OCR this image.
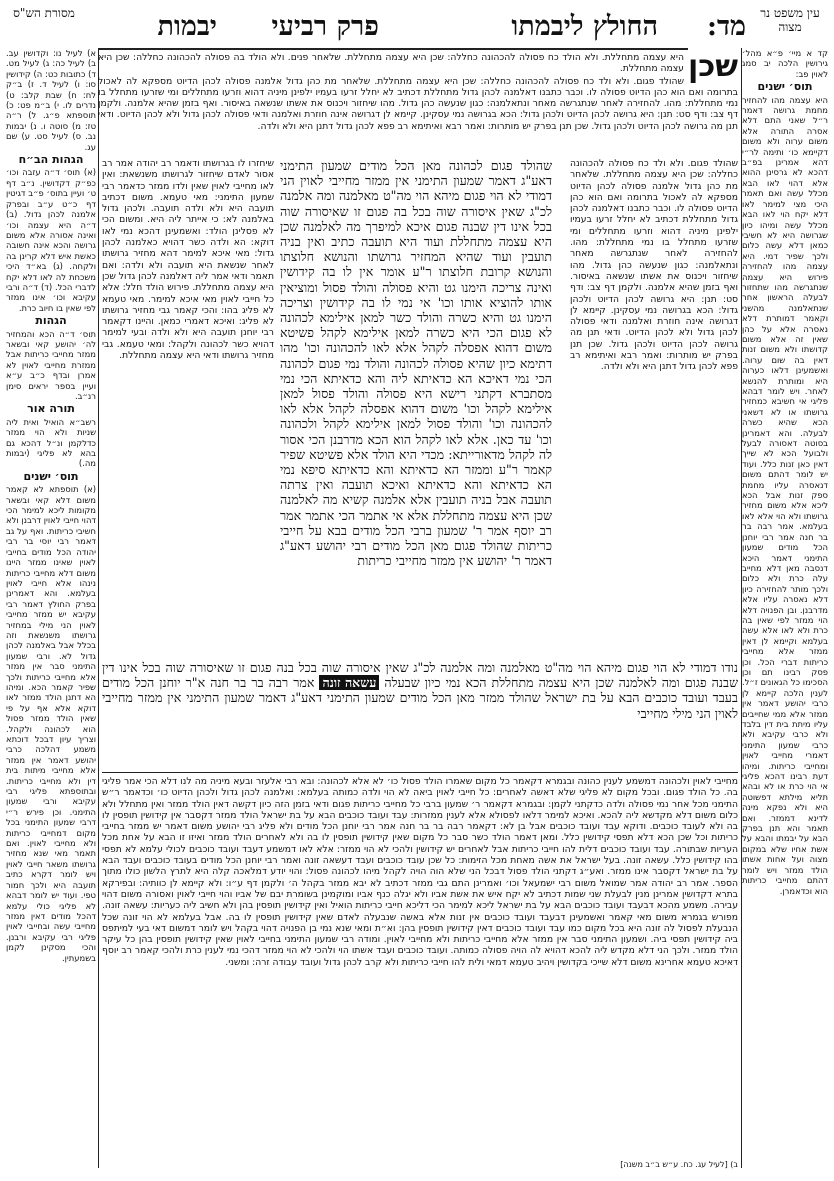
עין משפט נר מצוה
מסורת הש"ס	מד:
החולץ ליבמתו
פרק רביעי
יבמות

קד א מיי׳ פ״א מהל׳ גירושין הלכה יב סמג לאוין פב:

תוס׳ ישנים

היא עצמה מהו להחזיר מחמת גרושה דאמר ר״ל שאני התם דלא אסרה התורה אלא משום ערוה ולא משום דקיימא כו׳ ותימה לר״י דהא אמרינן בפ״ב דהכא לא גרסינן ההוא אלא דהוי לאו הבא מכלל עשה ואם תאמר היכי מצי למימר לאו דלא יקח הוי לאו הבא מכלל עשה ומיהו כיון שגרושה היא לא חשיבי כמאן דלא עשה כלום ולכך שפיר דמי. היא עצמה מהו להחזירה פירוש היא עצמה שנתגרשה מהו שתחזור לבעלה הראשון אחר שנתאלמנה מהשני וקאמר דמותרת דלא נאסרה אלא על כהן שאין זה אלא משום קדושתו ולא משום זנות דאין בה שום ערוה. ואשמעינן דלאו כערוה היא ומותרת להנשא לאחר. ויש לומר דבהא פליגי אי חשיבא כמחזיר גרושתו או לא דשאני הכא שהיא כשרה לבעלה. והא דאמרינן בסוטה דאסורה לבעל ולבועל הכא לא שייך דאין כאן זנות כלל. ועוד יש לומר דהתם משום דנאסרה עליו מחמת ספק זנות אבל הכא ליכא אלא משום מחזיר גרושתו ולא הוי אלא לאו בעלמא. אמר רבה בר בר חנה אמר רבי יוחנן הכל מודים שמעון התימני דאמר היכא דנסבה מאן דלא מחייב עלה כרת ולא כלום ולכך מותר להחזירה כיון דלא נאסרה עליו אלא מדרבנן. ובן הפנויה דלא הוי ממזר לפי שאין בה כרת ולא לאו אלא עשה בעלמא וקיימא לן דאין ממזר אלא מחייבי כריתות דברי הכל. וכן פסק רבינו תם וכן הסכימו כל הגאונים ז״ל. לענין הלכה קיימא לן כרבי יהושע דאמר אין ממזר אלא ממי שחייבים עליו מיתת בית דין בלבד ולא כרבי עקיבא ולא כרבי שמעון התימני דאמרי מחייבי לאוין ומחייבי כריתות. ומיהו דעת רבינו דהכא פליגי אי הוי כרת או לא ובהא תליא מילתא דפשוטה היא ולא נפקא מינה לדינא דממזר. ואם תאמר והא תנן בפרק הבא על יבמתו והבא על אשת אחיו שלא במקום מצוה ועל אחות אשתו הולד ממזר ויש לומר דהתם מחייבי כריתות הוא וכדאמרן.

א) לעיל נו: וקדושין עב. ב) לעיל כה: ג) לעיל מט. ד) כתובות כט: ה) קידושין סו: ו) לעיל ד. ז) ב״ק לח: ח) שבת קלב: ט) נדרים לו. י) ב״מ פט: כ) תוספתא פ״ג. ל) ר״ה טז: מ) סוטה ו. נ) יבמות נב. ס) לעיל סט. ע) שם עג.

הגהות הב״ח

(א) תוס׳ ד״ה עזבה וכו׳ כפ״ק דקדושין. נ״ב דף ט׳ ועיין בתוס׳ פ״ב דגיטין דף כ״ט ע״ב ובפרק אלמנה לכהן גדול. (ב) ד״ה היא עצמה וכו׳ ואינה אסורה אלא משום גרושה והכא אינה חשובה כאשת איש דלא קרינן בה ולקחה. (ג) בא״ד היכי משכחת לה לאו דלא יקח לדברי הכל. (ד) ד״ה ורבי עקיבא וכו׳ אינו ממזר לפי שאין בו חיוב כרת.

הגהות

תוס׳ ד״ה הכא והמחזיר לה׳ יהושע קאי ובשאר ממזר מחייבי כריתות אבל ממזרת מחייבי לאוין לא אמרן ובדף כ״ב ע״א ועיין בספר יראים סימן רנ״ב.

תורה אור

רשב״א הואיל ואית ליה שניות ולא הוי ממזר כדלקמן ונ״ל דהכא גם בהא לא פליגי (יבמות מה.)

תוס׳ ישנים

(א) תוספתא לא קאמר משום דלא קאי ובשאר מקומות ליכא למימר הכי דהוי חייבי לאוין דרבנן ולא חשיבי כריתות. ואף על גב דאמר רבי יוסי בר רבי יהודה הכל מודים בחייבי לאוין שאינו ממזר היינו משום דלא מחייבי כריתות נינהו אלא חייבי לאוין בעלמא. והא דאמרינן בפרק החולץ דאמר רבי עקיבא יש ממזר מחייבי לאוין הני מילי במחזיר גרושתו משנשאת וזה בכלל אבל באלמנה לכהן גדול לא. ורבי שמעון התימני סבר אין ממזר אלא מחייבי כריתות ולכך שפיר קאמר הכא. ומיהו הא דתנן הולד ממזר לאו דוקא אלא אף על פי שאין הולד ממזר פסול הוא לכהונה ולקהל. וצריך עיון דבכל דוכתא משמע דהלכה כרבי יהושע דאמר אין ממזר אלא מחייבי מיתות בית דין ולא מחייבי כריתות. ובתוספתא פליגי רבי עקיבא ורבי שמעון התימני. וכן פירש ר״י דרבי שמעון התימני בכל מקום דמחייבי כריתות ולא מחייבי לאוין. ואם תאמר מאי שנא מחזיר גרושתו משאר חייבי לאוין ויש לומר דקרא כתיב תועבה היא ולכך חמור טפי. ועוד יש לומר דבהא לא פליגי כולי עלמא דהכל מודים דאין ממזר מחייבי עשה ובחייבי לאוין פליגי רבי עקיבא ורבנן. והכי מסקינן לקמן בשמעתין.

שכן

היא עצמה מתחללת. ולא הולד כח פסולה להכהונה כחללה: שכן היא עצמה מתחללת. שלאחר פנים. ולא הולד בה פסולה להכהונה כחללה: שכן היא עצמה מתחללת.

שהולד פגום. ולא ולד כח פסולה להכהונה כחללה: שכן היא עצמה מתחללת. שלאחר מת כהן גדול אלמנה פסולה לכהן הדיוט מספקא לה לאכול בתרומה ואם הוא כהן הדיוט פסולה לו. וכבר כתבנו דאלמנה לכהן גדול מתחללת דכתיב לא יחלל זרעו בעמיו ילפינן מיניה דהוא וזרעו מתחללים ומי שזרעו מתחלל בו נמי מתחללת: מהו. להחזירה לאחר שנתגרשה מאחר ונתאלמנה: כגון שנעשה כהן גדול. מהו שיחזור ויכנוס את אשתו שנשאה באיסור. ואף בזמן שהיא אלמנה. ולקמן דף צב: ודף סט: תנן: היא גרושה לכהן הדיוט ולכהן גדול: הכא בגרושה נמי עסקינן. קיימא לן דגרושה אינה חוזרת ואלמנה ודאי פסולה לכהן גדול ולא לכהן הדיוט. ודאי תנן מה גרושה לכהן הדיוט ולכהן גדול. שכן תנן בפרק יש מותרות: ואמר רבא ואיתימא רב פפא לכהן גדול דתנן היא ולא ולדה.

שהולד פגום. ולא ולד כח פסולה להכהונה כחללה: שכן היא עצמה מתחללת. שלאחר מת כהן גדול אלמנה פסולה לכהן הדיוט מספקא לה לאכול בתרומה ואם הוא כהן הדיוט פסולה לו. וכבר כתבנו דאלמנה לכהן גדול מתחללת דכתיב לא יחלל זרעו בעמיו ילפינן מיניה דהוא וזרעו מתחללים ומי שזרעו מתחלל בו נמי מתחללת: מהו. להחזירה לאחר שנתגרשה מאחר ונתאלמנה: כגון שנעשה כהן גדול. מהו שיחזור ויכנוס את אשתו שנשאה באיסור. ואף בזמן שהיא אלמנה. ולקמן דף צב: ודף סט: תנן: היא גרושה לכהן הדיוט ולכהן גדול: הכא בגרושה נמי עסקינן. קיימא לן דגרושה אינה חוזרת ואלמנה ודאי פסולה לכהן גדול ולא לכהן הדיוט. ודאי תנן מה גרושה לכהן הדיוט ולכהן גדול. שכן תנן בפרק יש מותרות: ואמר רבא ואיתימא רב פפא לכהן גדול דתנן היא ולא ולדה.

שיחזרו לו בגרושתו ודאמר רב יהודה אמר רב אסור לאדם שיחזור לגרושתו משנשאת: ואין לאו מחייבי לאוין שאין ולדו ממזר כדאמר רבי שמעון התימני: מאי טעמא. משום דכתיב תועבה היא ולא ולדה תועבה. ולכהן גדול באלמנה לא: כי אייתר ליה היא. ומשום הכי לא פסלינן הולד: ואשמעינן דהכא נמי לאו דוקא: הא ולדה כשר דהויא כאלמנה לכהן גדול: מאי איכא למימר דהא מחזיר גרושתו לאחר שנשאת היא תועבה ולא ולדה: ואם תאמר ודאי אמר ליה דאלמנה לכהן גדול שכן היא עצמה מתחללת. פירוש הולד חלל: אלא כל חייבי לאוין מאי איכא למימר. מאי טעמא לא פליג בהו: והכי קאמר גבי מחזיר גרושתו לא פליג: ואיכא דאמרי כמאן. והיינו דקאמר רבי יוחנן תועבה היא ולא ולדה ובעי למימר דהויא כשר לכהונה ולקהל: ומאי טעמא. גבי מחזיר גרושתו ודאי היא עצמה מתחללת.

שהולד פגום לכהונה מאן הכל מודים שמעון התימני דאע"ג דאמר שמעון התימני אין ממזר מחייבי לאוין הני דמודי לא הוי פגום מיהא הוי מה"ט מאלמנה ומה אלמנה לכ"ג שאין איסורה שוה בכל בה פגום זו שאיסורה שוה בכל אינו דין שבנה פגום איכא למיפרך מה לאלמנה שכן היא עצמה מתחללת ועוד היא תועבה כתיב ואין בניה תועבין ועוד שהיא המחזיר גרושתו והנושא חלוצתו והנושא קרובת חלוצתו ר"ע אומר אין לו בה קידושין ואינה צריכה הימנו גט והיא פסולה והולד פסול ומוציאין אותו להוציא אותו וכו' אי נמי לו בה קידושין וצריכה הימנו גט והיא כשרה והולד כשר למאן אילימא לכהונה לא פגום הכי היא כשרה למאן אילימא לקהל פשיטא משום דהוא אפסלה לקהל אלא לאו להכהונה וכו' מהו דתימא כיון שהיא פסולה לכהונה והולד נמי פגום לכהונה הכי נמי דאיכא הא כדאיתא ליה והא כדאיתא הכי נמי מסתברא דקתני רישא היא פסולה והולד פסול למאן אילימא לקהל וכו' משום דהוא אפסלה לקהל אלא לאו להכהונה וכו' והולד פסול למאן אילימא לקהל ולכהונה וכו' עד כאן. אלא לאו לקהל הוא הכא מדרבנן הכי אסור לה לקהל מדאורייתא: מכדי היא הולד אלא פשיטא שפיר קאמר ר"ע וממזר הא כדאיתא והא כדאיתא סיפא נמי הא כדאיתא והא כדאיתא ואיכא תועבה ואין צרתה תועבה אבל בניה תועבין אלא אלמנה קשיא מה לאלמנה שכן היא עצמה מתחללת אלא אי אתמר הכי אתמר אמר רב יוסף אמר ר' שמעון ברבי הכל מודים בבא על חייבי כריתות שהולד פגום מאן הכל מודים רבי יהושע דאע"ג דאמר ר' יהושע אין ממזר מחייבי כריתות

נודו דמודי לא הוי פגום מיהא הוי מה"ט מאלמנה ומה אלמנה לכ"ג שאין איסורה שוה בכל בנה פגום זו שאיסורה שוה בכל אינו דין שבנה פגום ומה לאלמנה שכן היא עצמה מתחללת הכא נמי כיון שבעלה עשאה זונה אמר רבה בר בר חנה א"ר יוחנן הכל מודים בעבד ועובד כוכבים הבא על בת ישראל שהולד ממזר מאן הכל מודים שמעון התימני דאע"ג דאמר שמעון התימני אין ממזר מחייבי לאוין הני מילי מחייבי

מחייבי לאוין ולכהונה דמשמע לענין כהונה ובגמרא דקאמר כל מקום שאמרו הולד פסול כו׳ לא אלא לכהונה: ובא רבי אלעזר ובעא מיניה מה לנו דלא הכי אמר פליגי בה. כל הולד פגום. ובכל מקום לא פליגי שלא דאשה לאחרים: כל חייבי לאוין ביאה לא הוי ולדה כמותה בעלמא: ואלמנה לכהן גדול ולכהן הדיוט כו׳ וכדאמר ר״ש התימני מכל אחר נמי פסולה ולדה כדקתני לקמן: ובגמרא דקאמר ר׳ שמעון ברבי כל מחייבי כריתות פגום ודאי בזמן הזה כיון דקשה דאין הולד ממזר ואין מתחלל ולא כלום משום דלא מקדשא ליה להכא. ואיכא למימר דלאו לפסולא אלא לענין ממזרות: עבד ועובד כוכבים הבא על בת ישראל הולד ממזר דקסבר אין קידושין תופסין לו בה ולא לעובד כוכבים. ודוקא עבד ועובד כוכבים אבל בן לא: דקאמר רבה בר בר חנה אמר רבי יוחנן הכל מודים ולא פליג רבי יהושע משום דאמר יש ממזר בחייבי כריתות וכל שכן הכא דלא תפסי קידושין כלל. ומאן דאמר הולד כשר סבר כל מקום שאין קידושין תופסין לו בה ולא לאחרים הולד ממזר ואיזו זו הבא על אחת מכל העריות שבתורה. עבד ועובד כוכבים דלית להו חייבי כריתות אבל לאחרים יש קידושין ולהכי לא הוי ממזר: אלא לאו דמשמע דעבד ועובד כוכבים לכולי עלמא לא תפסי בהו קידושין כלל. עשאה זונה. בעל ישראל את אשה מאחת מכל הזימות: כל שכן עובד כוכבים ועבד דעשאה זונה ואמר רבי יוחנן הכל מודים בעובד כוכבים ועבד הבא על בת ישראל דקסבר אינו ממזר. ואע״ג דקתני הולד פסול דבכל הני שלא הוה הויה לקהל מיהו לכהונה פסול: והוי יודע דמלאכה קלה היא לתרץ הלשון כולו מתוך הספר. אמר רב יהודה אמר שמואל משום רבי ישמעאל וכו׳ ואמרינן התם גבי ממזר דכתיב לא יבא ממזר בקהל ה׳ ולקמן דף ע״ו: ולא קיימא לן כוותיה: ובפירקא בתרא דקדושין אמרינן מנין לבעלת שני שמות דכתיב לא יקח איש את אשת אביו ולא יגלה כנף אביו ומוקמינן בשומרת יבם של אביו והוי חייבי לאוין ואסורה משום דהוי עבירה. משמע מהכא דבעבד ועובד כוכבים הבא על בת ישראל ליכא למימר הכי דליכא חייבי כריתות הואיל ואין קידושין תופסין בהן ולא חשיב ליה כעריות: עשאה זונה. מפורש בגמרא משום מאי קאמר ואשמעינן דבעבד ועובד כוכבים אין זנות אלא באשה שנבעלה לאדם שאין קידושין תופסין לו בה. אבל בעלמא לא הוי זונה שכל הנבעלת לפסול לה זונה היא בכל מקום כמו עבד ועובד כוכבים דאין קידושין תופסין בהן: וא״ת ומאי שנא נמי בן הפנויה דהוי בקהל ויש לומר דמשום דאי בעי למיתפס ביה קידושין תפסי ביה. ושמעון התימני סבר אין ממזר אלא מחייבי כריתות ולא מחייבי לאוין. ומודה רבי שמעון התימני בחייבי לאוין שאין קידושין תופסין בהן כל עיקר הולד ממזר. ולכך הני דלא מקדש ליה להכא דהויא לה הויה פסולה כמותה. ועובד כוכבים ועבד אשתו הוי ולהכי לא הוי ממזר דהכי נמי לענין כרת ולהכי קאמר רב יוסף דאיכא טעמא אחרינא משום דלא שייכי בקדושין ויהיב טעמא דמאי ולית להו חייבי כריתות ולא קרב לכהן גדול ועובד עבודה זרה: ומשני.

ב) [לעיל עג. כח. ע״ש ב״ב משנה]
